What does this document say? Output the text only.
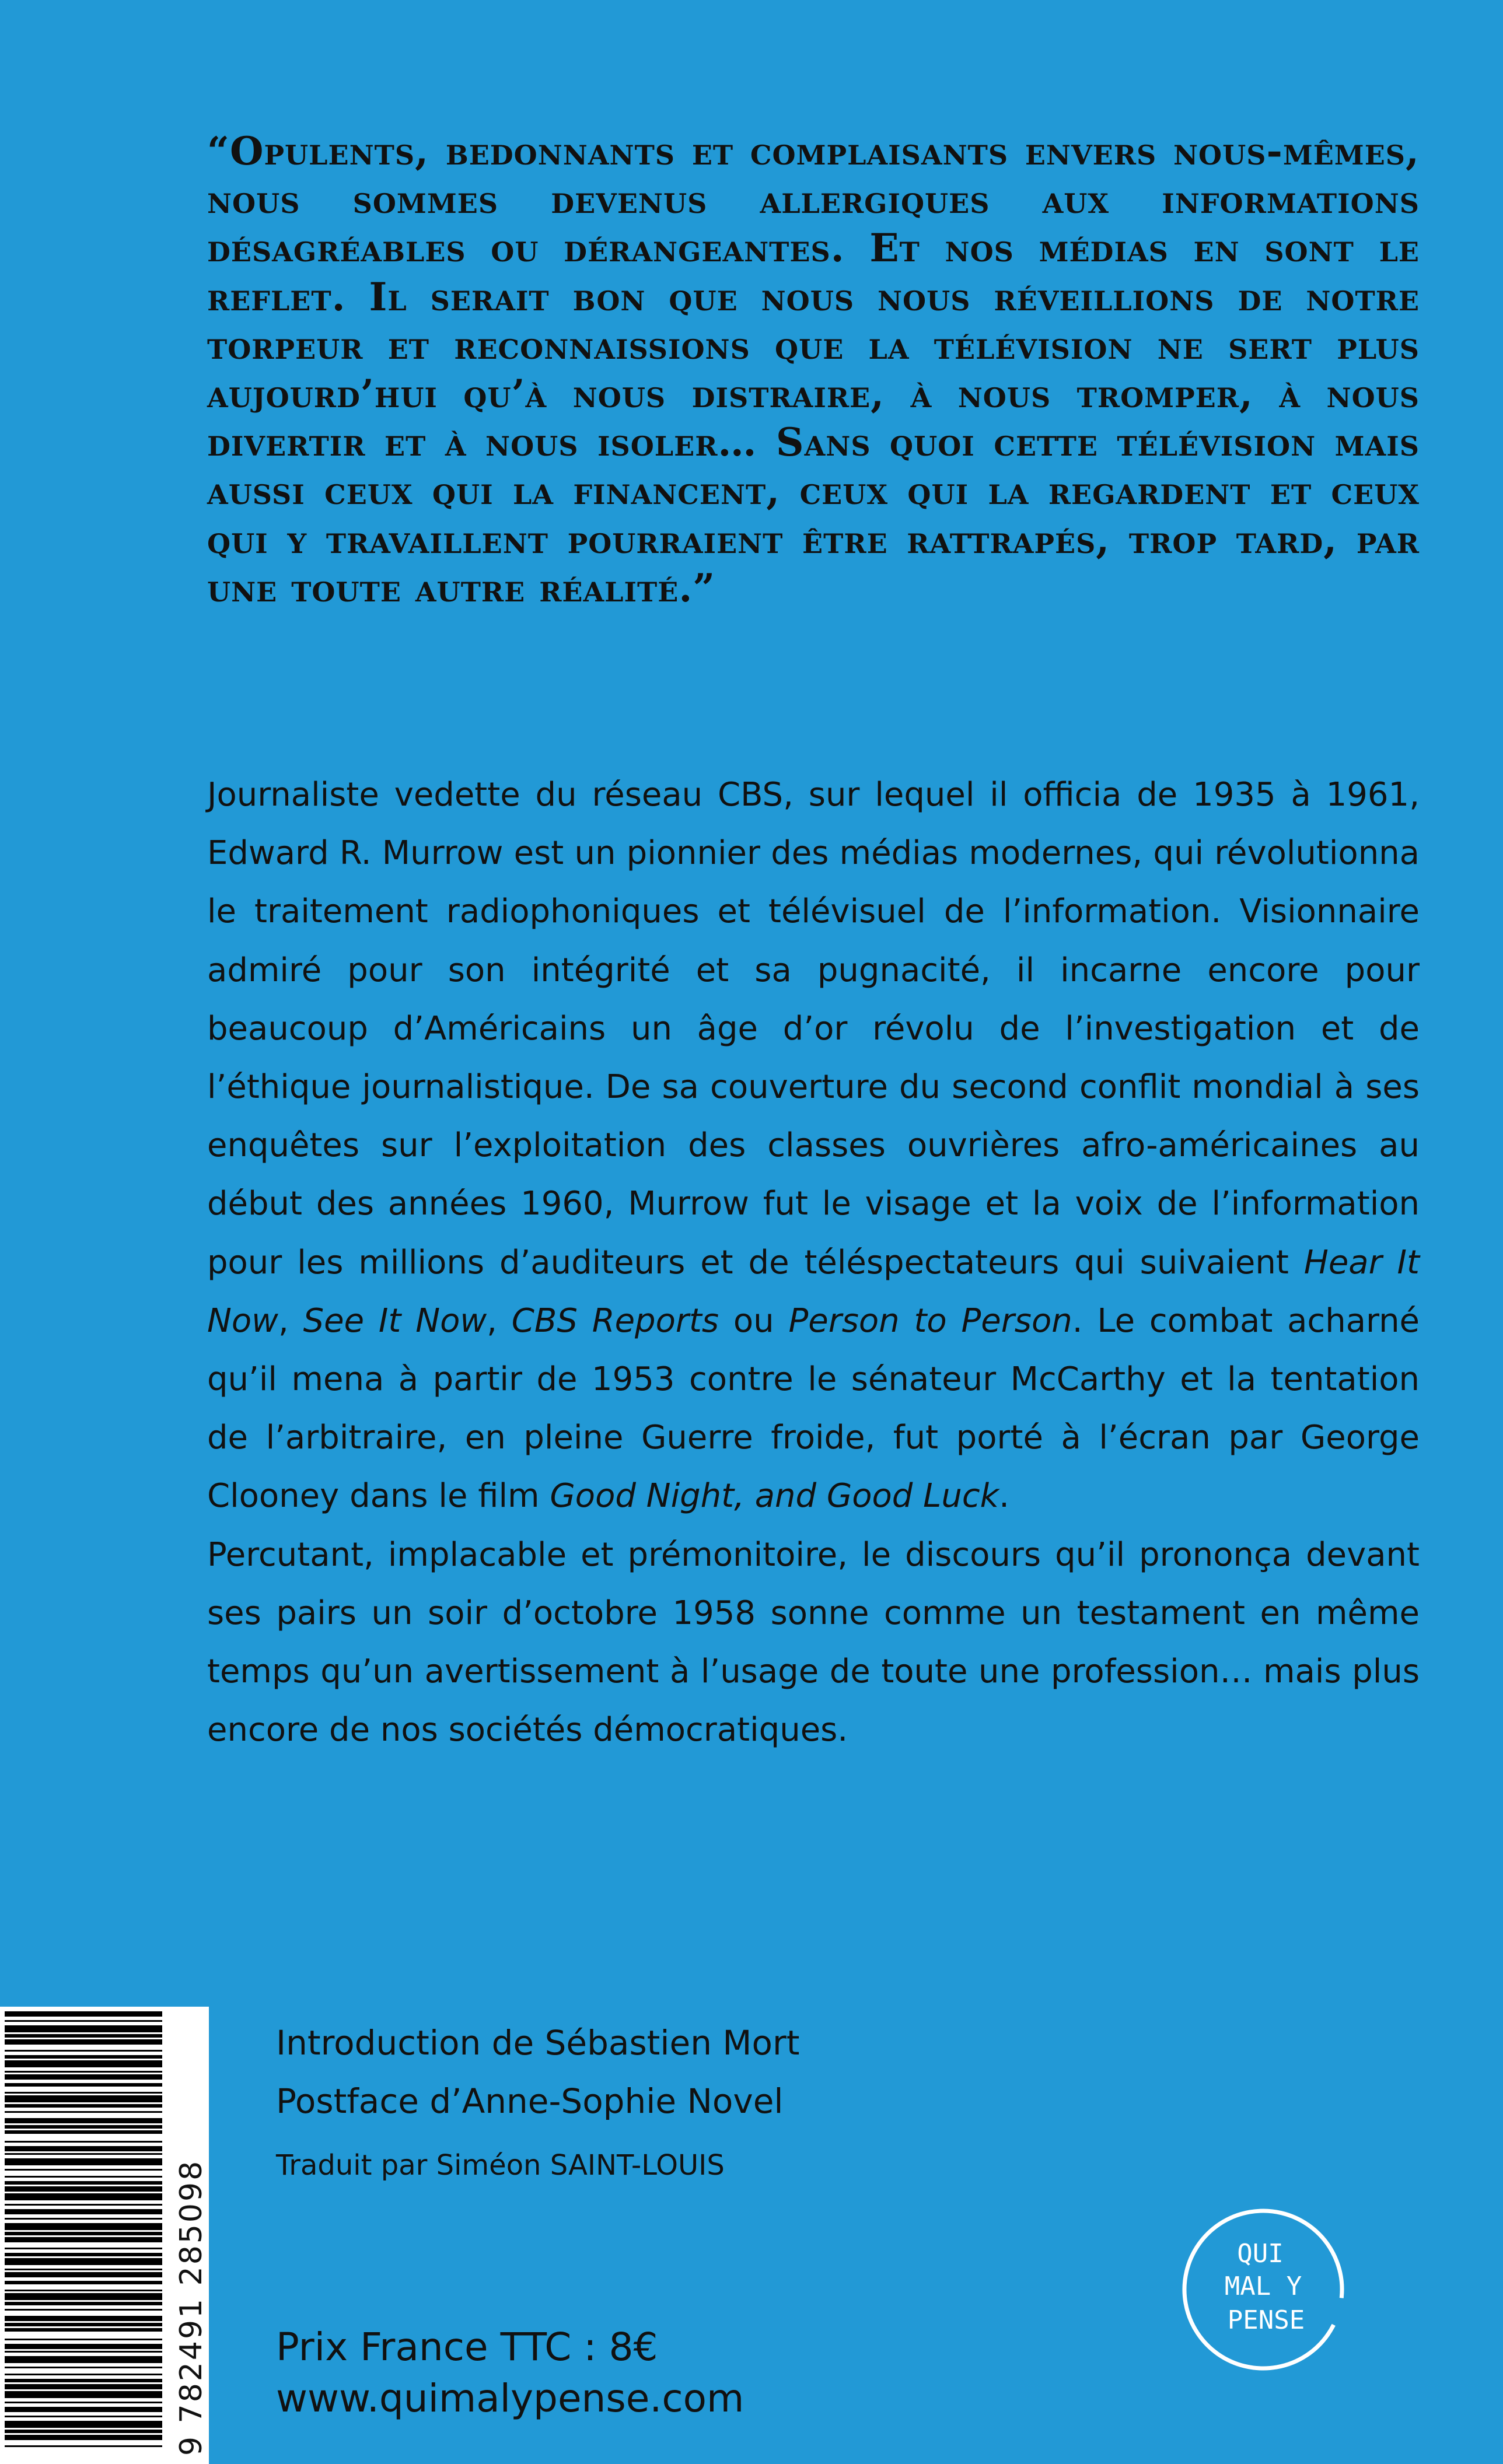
“Opulents, bedonnants et complaisants envers nous-mêmes, nous sommes devenus allergiques aux informations désagréables ou dérangeantes. Et nos médias en sont le reflet. Il serait bon que nous nous réveillions de notre torpeur et reconnaissions que la télévision ne sert plus aujourd’hui qu’à nous distraire, à nous tromper, à nous divertir et à nous isoler… Sans quoi cette télévision mais aussi ceux qui la financent, ceux qui la regardent et ceux qui y travaillent pourraient être rattrapés, trop tard, par une toute autre réalité.”

Journaliste vedette du réseau CBS, sur lequel il officia de 1935 à 1961, Edward R. Murrow est un pionnier des médias modernes, qui révolutionna le traitement radiophoniques et télévisuel de l’information. Visionnaire admiré pour son intégrité et sa pugnacité, il incarne encore pour beaucoup d’Américains un âge d’or révolu de l’investigation et de l’éthique journalistique. De sa couverture du second conflit mondial à ses enquêtes sur l’exploitation des classes ouvrières afro-américaines au début des années 1960, Murrow fut le visage et la voix de l’information pour les millions d’auditeurs et de téléspectateurs qui suivaient Hear It Now, See It Now, CBS Reports ou Person to Person. Le combat acharné qu’il mena à partir de 1953 contre le sénateur McCarthy et la tentation de l’arbitraire, en pleine Guerre froide, fut porté à l’écran par George Clooney dans le film Good Night, and Good Luck.

Percutant, implacable et prémonitoire, le discours qu’il prononça devant ses pairs un soir d’octobre 1958 sonne comme un testament en même temps qu’un avertissement à l’usage de toute une profession… mais plus encore de nos sociétés démocratiques.

9 782491 285098
Introduction de Sébastien Mort
Postface d’Anne-Sophie Novel
Traduit par Siméon SAINT-LOUIS
Prix France TTC : 8€
www.quimalypense.com
QUI
MAL Y
PENSE
